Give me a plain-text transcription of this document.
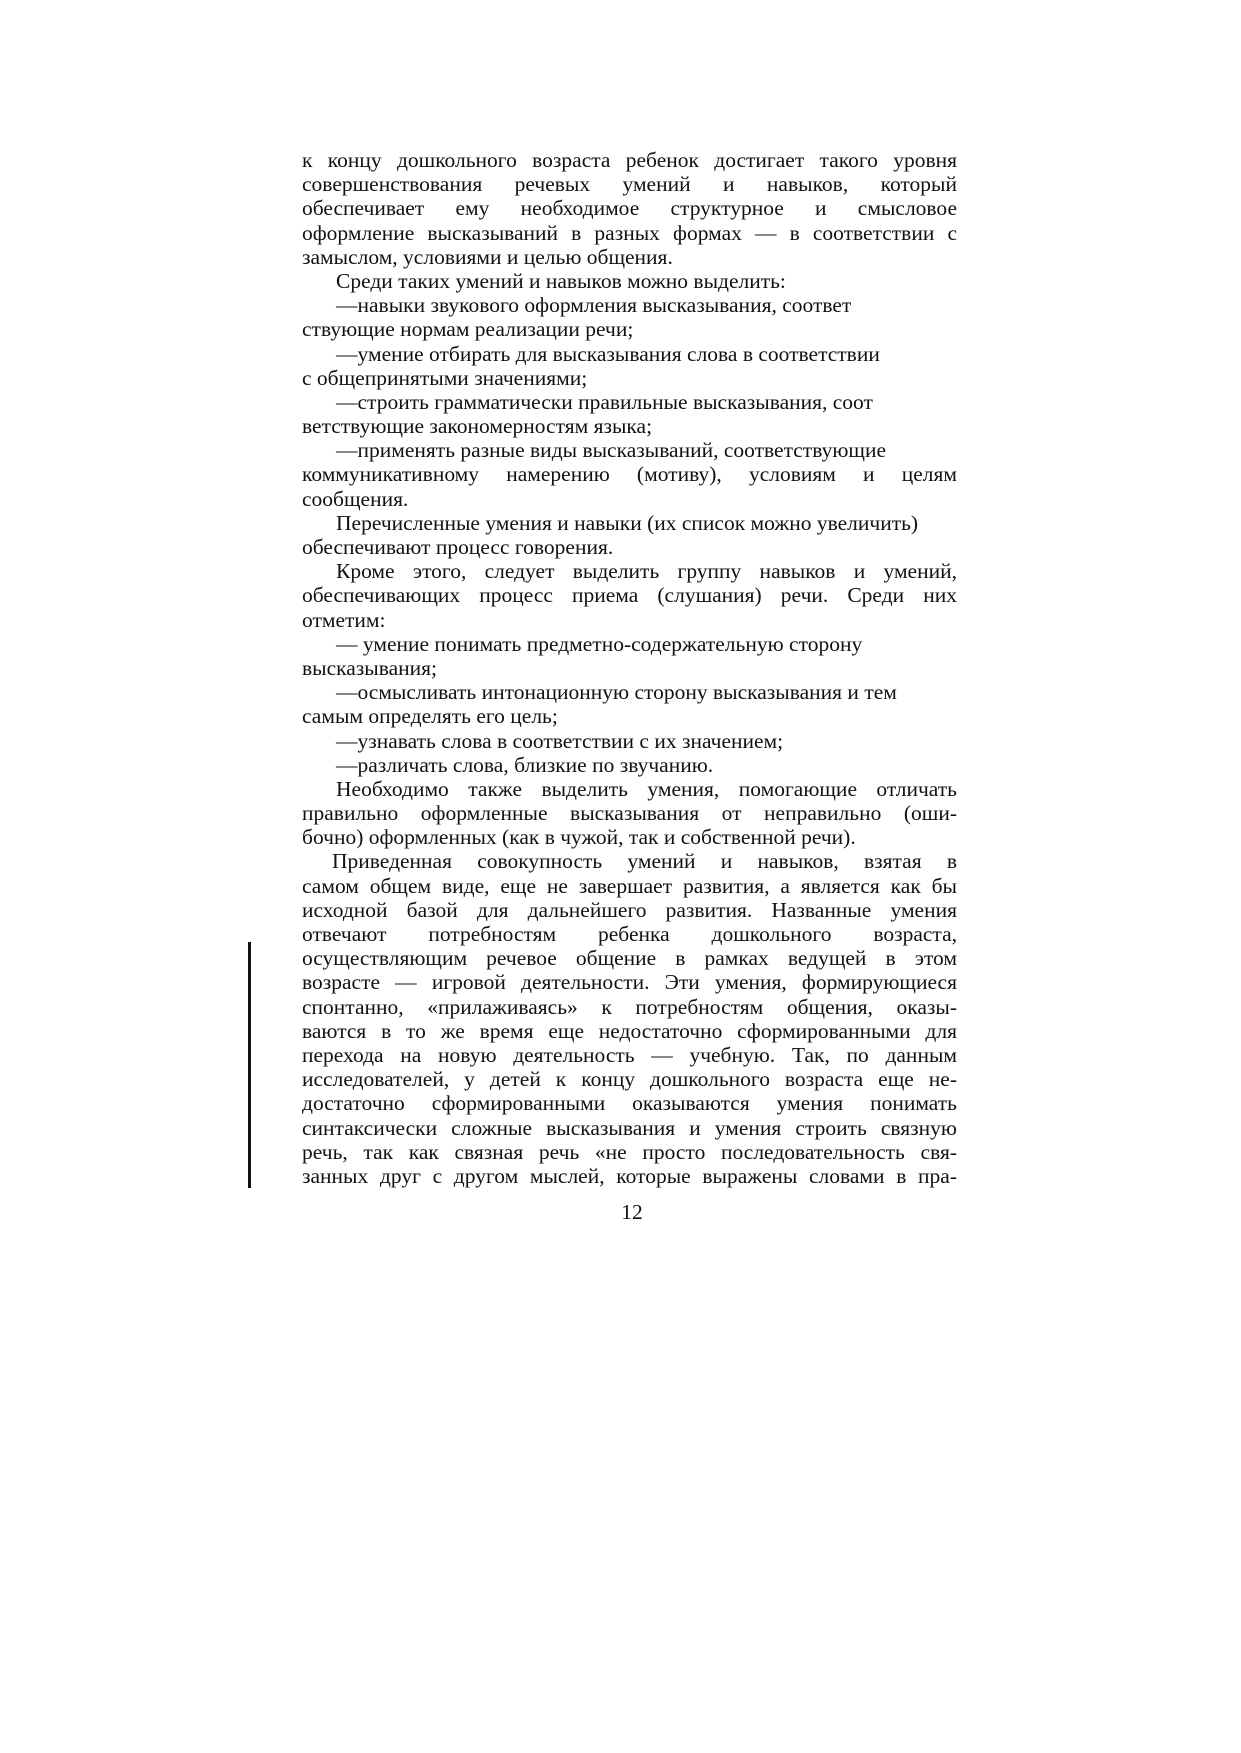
к концу дошкольного возраста ребенок достигает такого уровня
совершенствования речевых умений и навыков, который
обеспечивает ему необходимое структурное и смысловое
оформление высказываний в разных формах — в соответствии с
замыслом, условиями и целью общения.
Среди таких умений и навыков можно выделить:
—навыки звукового оформления высказывания, соответ
ствующие нормам реализации речи;
—умение отбирать для высказывания слова в соответствии
с общепринятыми значениями;
—строить грамматически правильные высказывания, соот
ветствующие закономерностям языка;
—применять разные виды высказываний, соответствующие
коммуникативному намерению (мотиву), условиям и целям
сообщения.
Перечисленные умения и навыки (их список можно увеличить)
обеспечивают процесс говорения.
Кроме этого, следует выделить группу навыков и умений,
обеспечивающих процесс приема (слушания) речи. Среди них
отметим:
— умение понимать предметно-содержательную сторону
высказывания;
—осмысливать интонационную сторону высказывания и тем
самым определять его цель;
—узнавать слова в соответствии с их значением;
—различать слова, близкие по звучанию.
Необходимо также выделить умения, помогающие отличать
правильно оформленные высказывания от неправильно (оши-
бочно) оформленных (как в чужой, так и собственной речи).
Приведенная совокупность умений и навыков, взятая в
самом общем виде, еще не завершает развития, а является как бы
исходной базой для дальнейшего развития. Названные умения
отвечают потребностям ребенка дошкольного возраста,
осуществляющим речевое общение в рамках ведущей в этом
возрасте — игровой деятельности. Эти умения, формирующиеся
спонтанно, «прилаживаясь» к потребностям общения, оказы-
ваются в то же время еще недостаточно сформированными для
перехода на новую деятельность — учебную. Так, по данным
исследователей, у детей к концу дошкольного возраста еще не-
достаточно сформированными оказываются умения понимать
синтаксически сложные высказывания и умения строить связную
речь, так как связная речь «не просто последовательность свя-
занных друг с другом мыслей, которые выражены словами в пра-
12
